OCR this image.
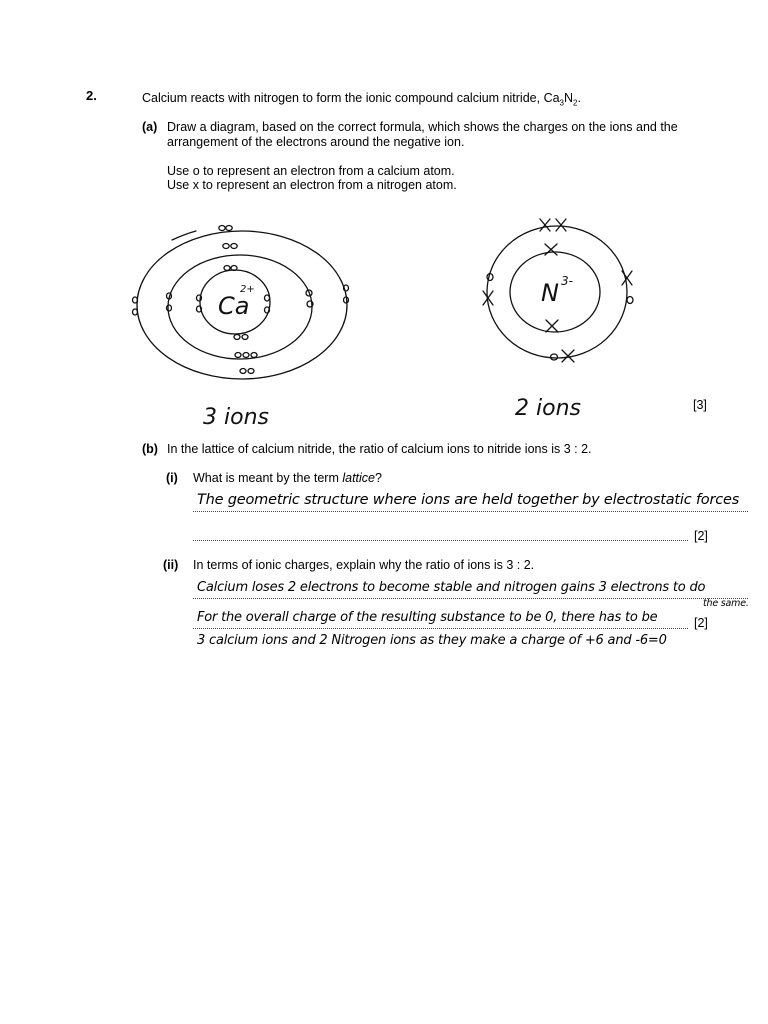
2.	Calcium reacts with nitrogen to form the ionic compound calcium nitride, $Ca_3N_2$.
(a) Draw a diagram, based on the correct formula, which shows the charges on the ions and the
arrangement of the electrons around the negative ion.
Use o to represent an electron from a calcium atom.
Use x to represent an electron from a nitrogen atom.
Ca
2+
3 ions
N 3-
2 ions	[3]
(b) In the lattice of calcium nitride, the ratio of calcium ions to nitride ions is 3 : 2.
(i) What is meant by the term lattice?
The geometric structure where ions are held together by electrostatic forces
[2]
(ii) In terms of ionic charges, explain why the ratio of ions is 3 : 2.
Calcium loses 2 electrons to become stable and nitrogen gains 3 electrons to do
the same.
For the overall charge of the resulting substance to be 0, there has to be	[2]
3 calcium ions and 2 Nitrogen ions as they make a charge of +6 and -6=0
